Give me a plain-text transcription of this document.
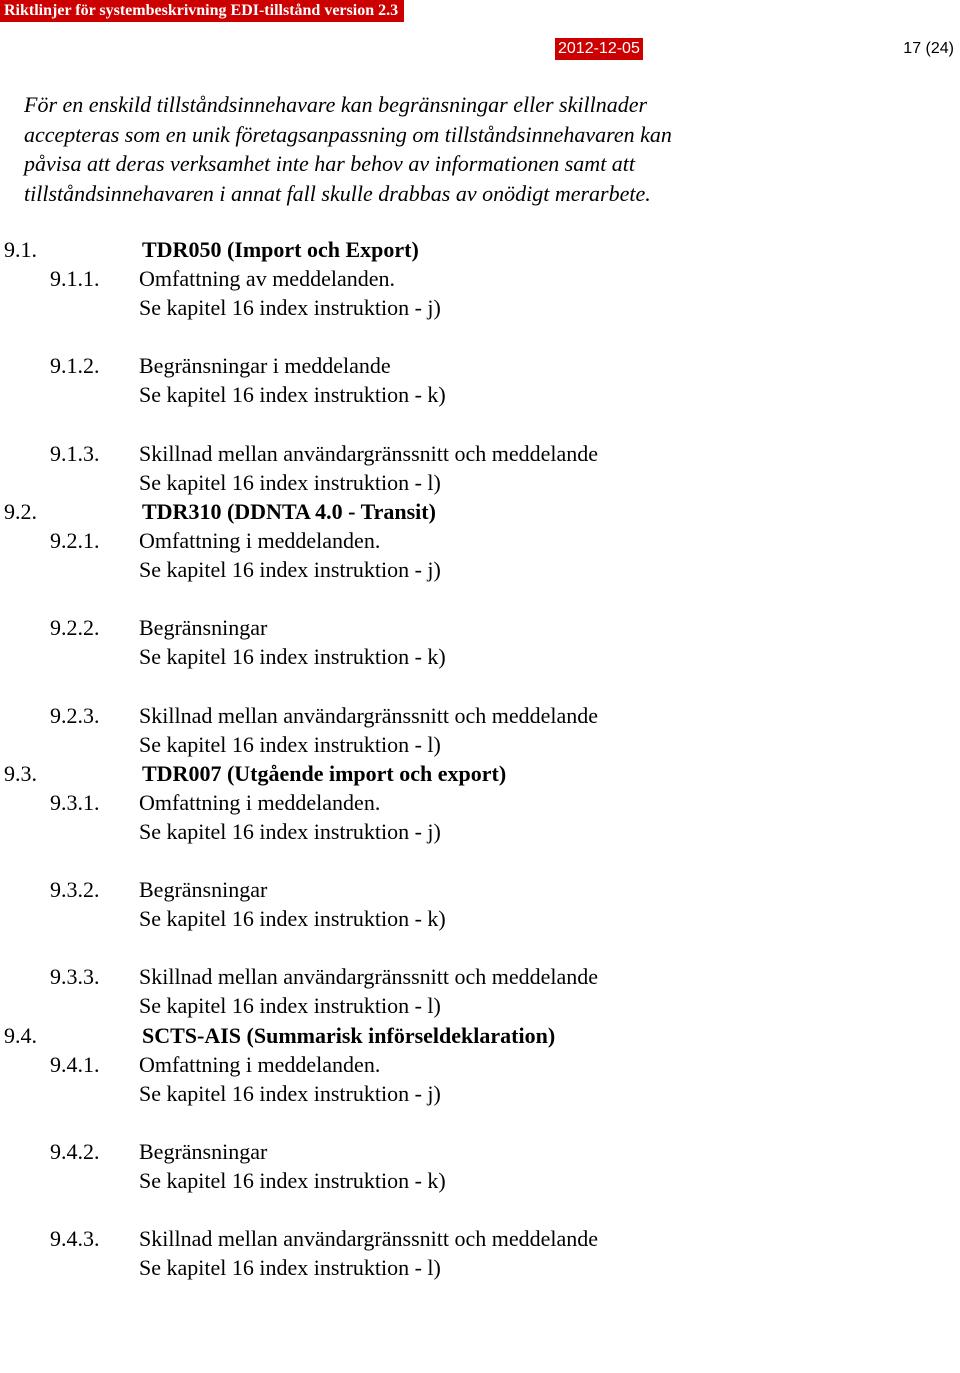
Riktlinjer för systembeskrivning EDI-tillstånd version 2.3
2012-12-05	17 (24)

För en enskild tillståndsinnehavare kan begränsningar eller skillnader
accepteras som en unik företagsanpassning om tillståndsinnehavaren kan
påvisa att deras verksamhet inte har behov av informationen samt att
tillståndsinnehavaren i annat fall skulle drabbas av onödigt merarbete.

9.1.	TDR050 (Import och Export)
9.1.1. Omfattning av meddelanden.
Se kapitel 16 index instruktion - j)
9.1.2. Begränsningar i meddelande
Se kapitel 16 index instruktion - k)
9.1.3. Skillnad mellan användargränssnitt och meddelande
Se kapitel 16 index instruktion - l)
9.2.	TDR310 (DDNTA 4.0 - Transit)
9.2.1. Omfattning i meddelanden.
Se kapitel 16 index instruktion - j)
9.2.2. Begränsningar
Se kapitel 16 index instruktion - k)
9.2.3. Skillnad mellan användargränssnitt och meddelande
Se kapitel 16 index instruktion - l)
9.3.	TDR007 (Utgående import och export)
9.3.1. Omfattning i meddelanden.
Se kapitel 16 index instruktion - j)
9.3.2. Begränsningar
Se kapitel 16 index instruktion - k)
9.3.3. Skillnad mellan användargränssnitt och meddelande
Se kapitel 16 index instruktion - l)
9.4.	SCTS-AIS (Summarisk införseldeklaration)
9.4.1. Omfattning i meddelanden.
Se kapitel 16 index instruktion - j)
9.4.2. Begränsningar
Se kapitel 16 index instruktion - k)
9.4.3. Skillnad mellan användargränssnitt och meddelande
Se kapitel 16 index instruktion - l)
